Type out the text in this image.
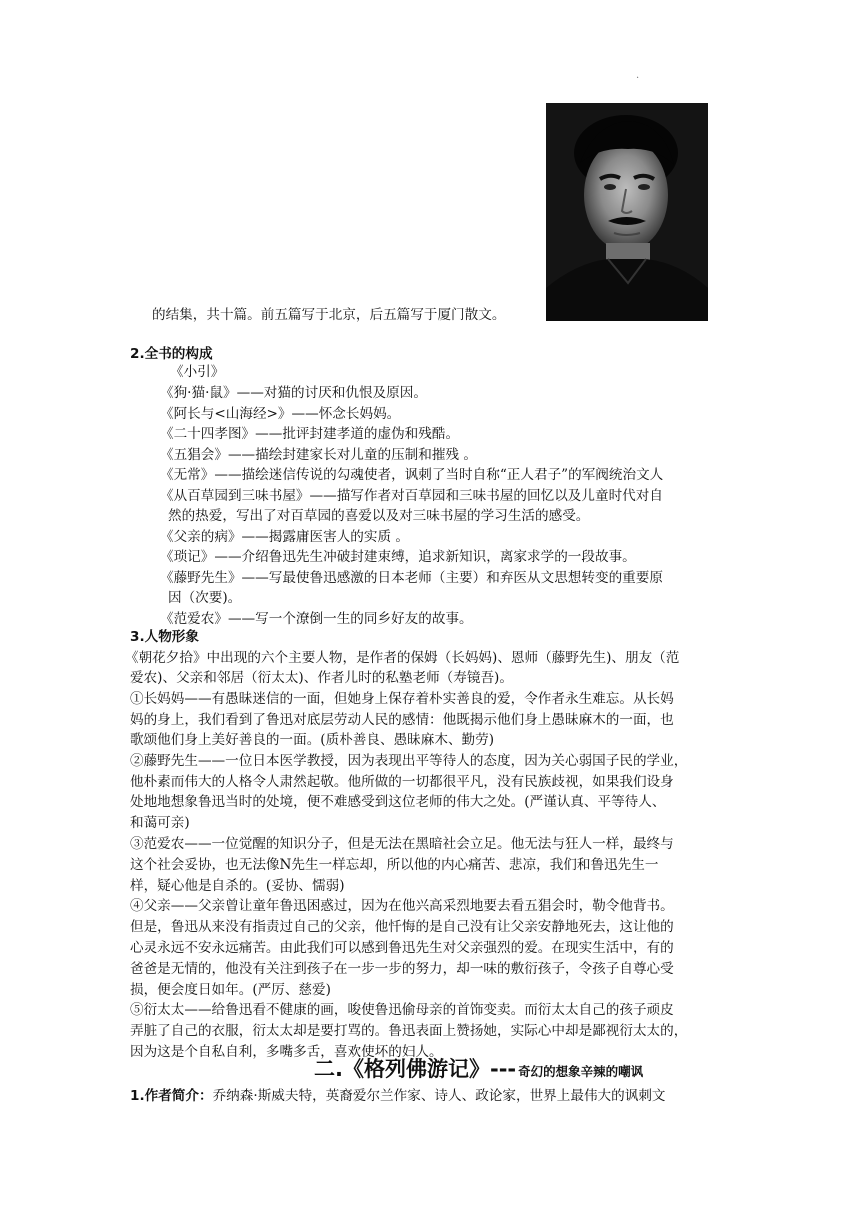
.
的结集，共十篇。前五篇写于北京，后五篇写于厦门散文。
2.全书的构成
《小引》
《狗·猫·鼠》——对猫的讨厌和仇恨及原因。
《阿长与<山海经>》——怀念长妈妈。
《二十四孝图》——批评封建孝道的虚伪和残酷。
《五猖会》——描绘封建家长对儿童的压制和摧残 。
《无常》——描绘迷信传说的勾魂使者，讽刺了当时自称“正人君子”的军阀统治文人
《从百草园到三味书屋》——描写作者对百草园和三味书屋的回忆以及儿童时代对自
然的热爱，写出了对百草园的喜爱以及对三味书屋的学习生活的感受。
《父亲的病》——揭露庸医害人的实质 。
《琐记》——介绍鲁迅先生冲破封建束缚，追求新知识，离家求学的一段故事。
《藤野先生》——写最使鲁迅感激的日本老师（主要）和弃医从文思想转变的重要原
因（次要)。
《范爱农》——写一个潦倒一生的同乡好友的故事。
3.人物形象
《朝花夕拾》中出现的六个主要人物，是作者的保姆（长妈妈)、恩师（藤野先生)、朋友（范
爱农)、父亲和邻居（衍太太)、作者儿时的私塾老师（寿镜吾)。
①长妈妈——有愚昧迷信的一面，但她身上保存着朴实善良的爱，令作者永生难忘。从长妈
妈的身上，我们看到了鲁迅对底层劳动人民的感情：他既揭示他们身上愚昧麻木的一面，也
歌颂他们身上美好善良的一面。(质朴善良、愚昧麻木、勤劳)
②藤野先生——一位日本医学教授，因为表现出平等待人的态度，因为关心弱国子民的学业，
他朴素而伟大的人格令人肃然起敬。他所做的一切都很平凡，没有民族歧视，如果我们设身
处地地想象鲁迅当时的处境，便不难感受到这位老师的伟大之处。(严谨认真、平等待人、
和蔼可亲)
③范爱农——一位觉醒的知识分子，但是无法在黑暗社会立足。他无法与狂人一样，最终与
这个社会妥协，也无法像N先生一样忘却，所以他的内心痛苦、悲凉，我们和鲁迅先生一
样，疑心他是自杀的。(妥协、懦弱)
④父亲——父亲曾让童年鲁迅困惑过，因为在他兴高采烈地要去看五猖会时，勒令他背书。
但是，鲁迅从来没有指责过自己的父亲，他忏悔的是自己没有让父亲安静地死去，这让他的
心灵永远不安永远痛苦。由此我们可以感到鲁迅先生对父亲强烈的爱。在现实生活中，有的
爸爸是无情的，他没有关注到孩子在一步一步的努力，却一味的敷衍孩子，令孩子自尊心受
损，便会度日如年。(严厉、慈爱)
⑤衍太太——给鲁迅看不健康的画，唆使鲁迅偷母亲的首饰变卖。而衍太太自己的孩子顽皮
弄脏了自己的衣服，衍太太却是要打骂的。鲁迅表面上赞扬她，实际心中却是鄙视衍太太的，
因为这是个自私自利，多嘴多舌，喜欢使坏的妇人。
二.《格列佛游记》--- 奇幻的想象辛辣的嘲讽
1.作者简介：乔纳森·斯威夫特，英裔爱尔兰作家、诗人、政论家，世界上最伟大的讽刺文
